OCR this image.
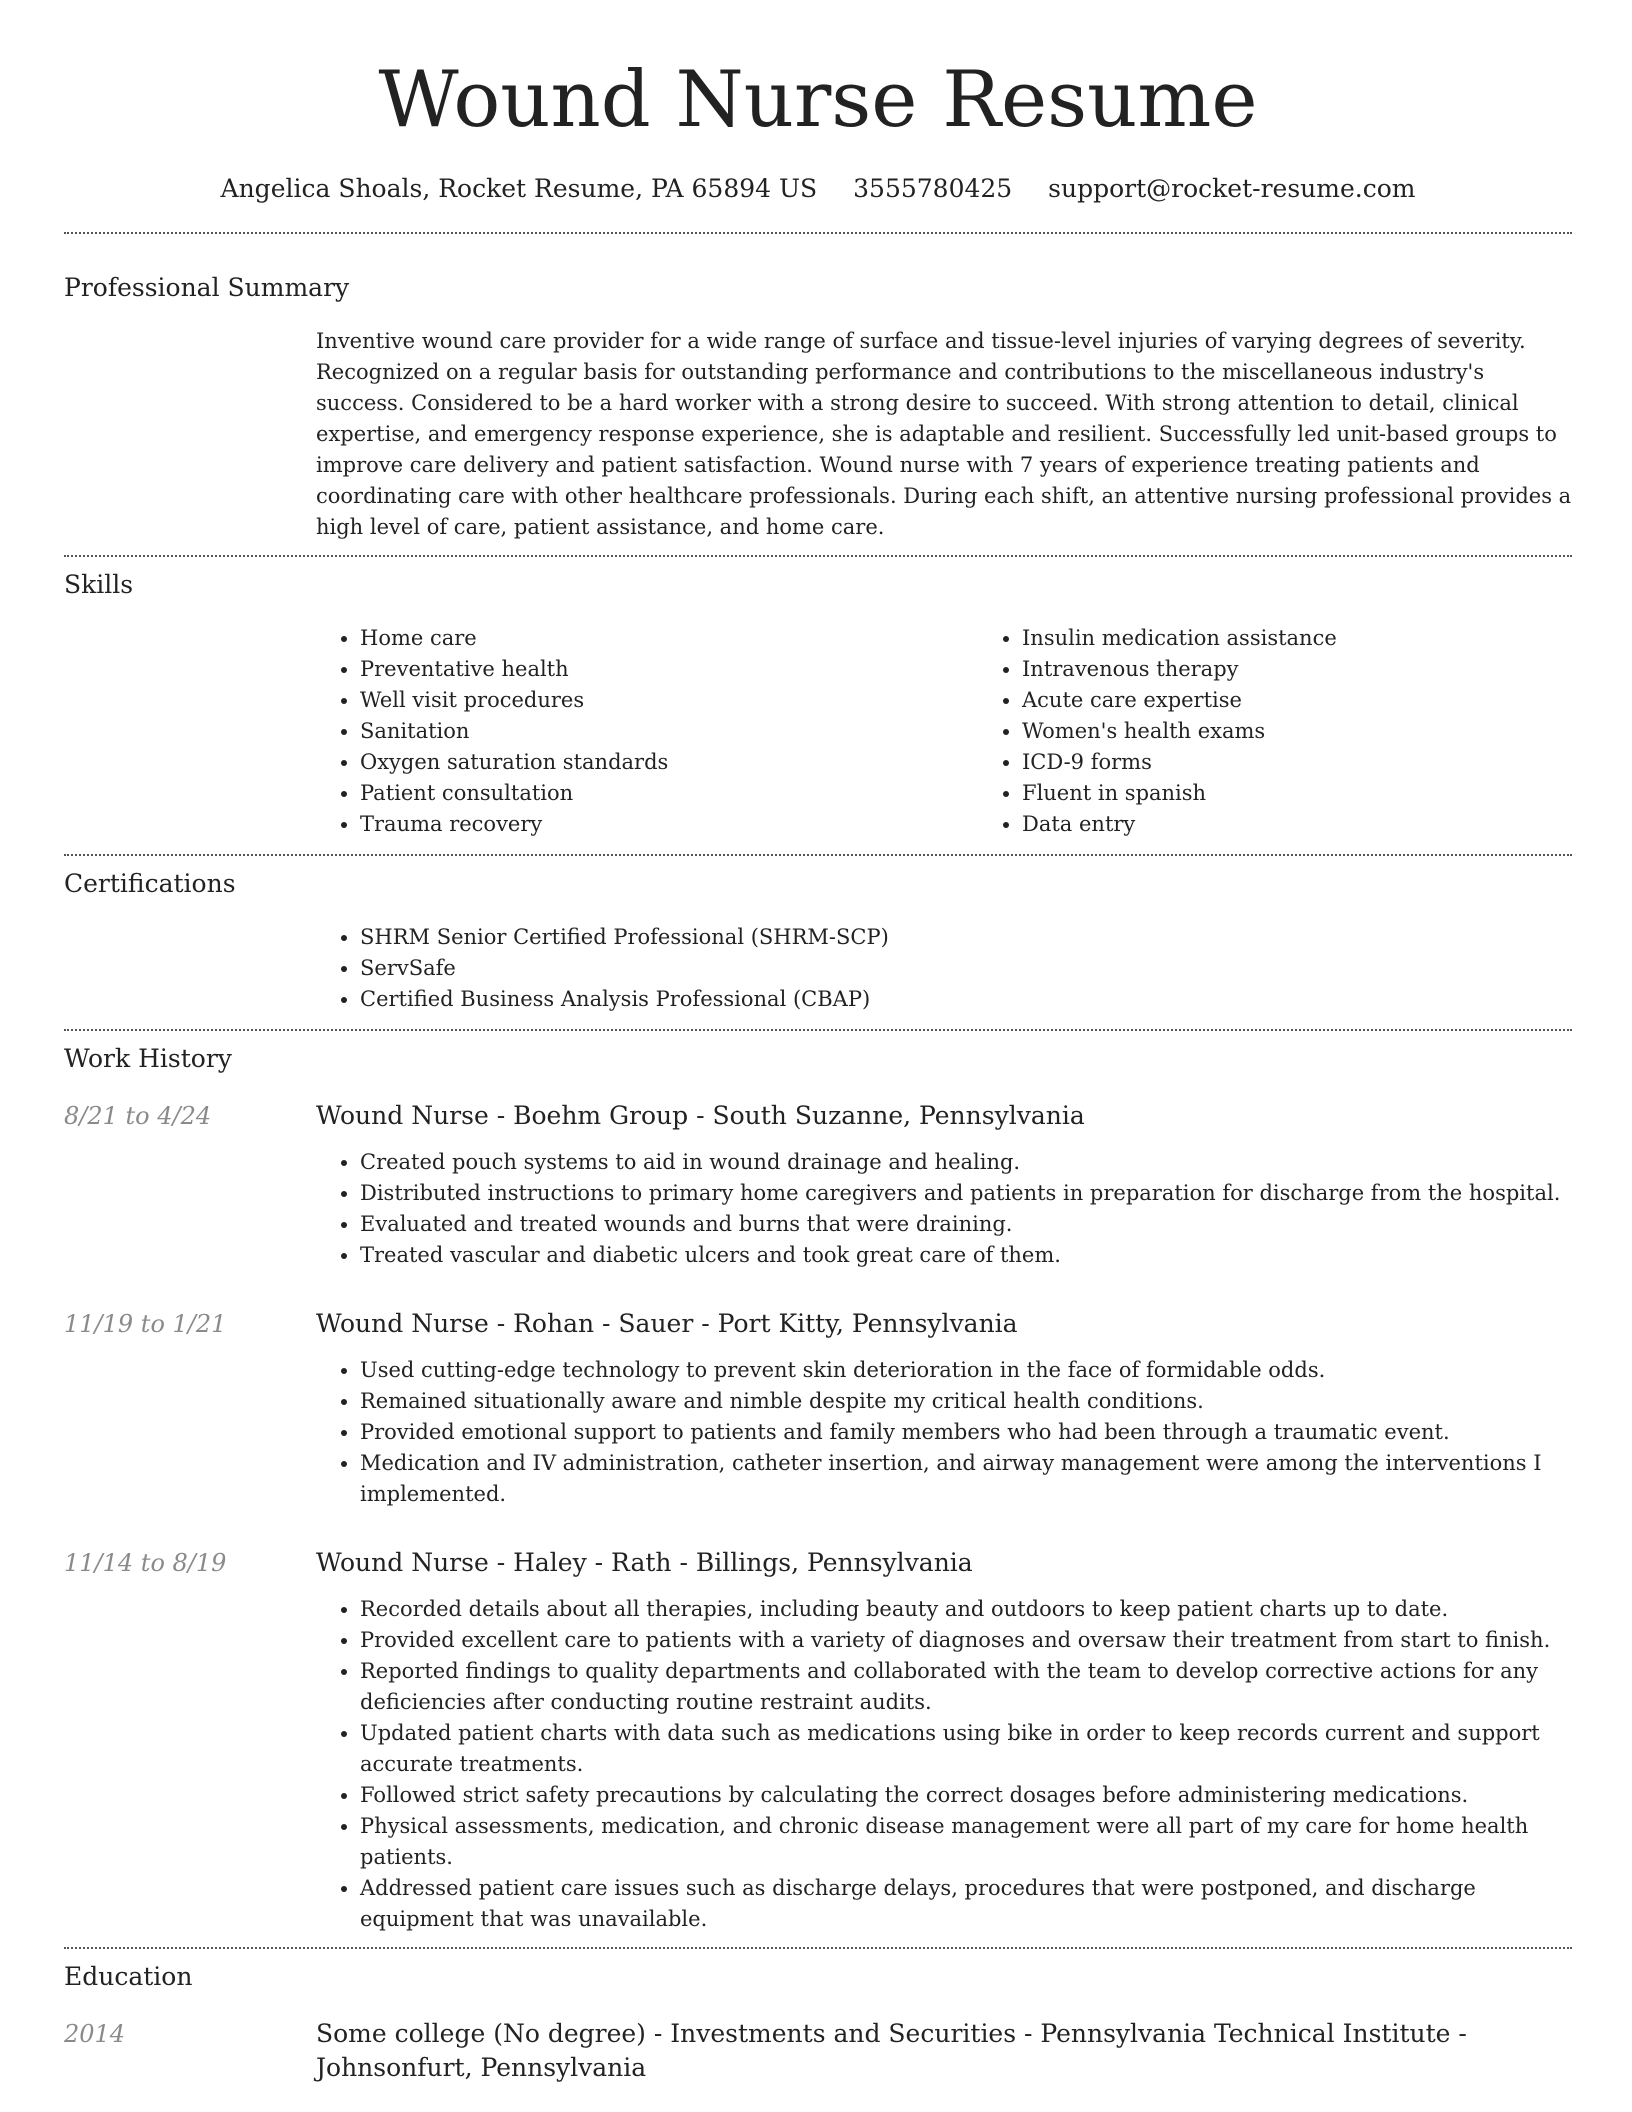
Wound Nurse Resume
Angelica Shoals, Rocket Resume, PA 65894 US 3555780425 support@rocket-resume.com
Professional Summary

Inventive wound care provider for a wide range of surface and tissue-level injuries of varying degrees of severity. Recognized on a regular basis for outstanding performance and contributions to the miscellaneous industry's success. Considered to be a hard worker with a strong desire to succeed. With strong attention to detail, clinical expertise, and emergency response experience, she is adaptable and resilient. Successfully led unit-based groups to improve care delivery and patient satisfaction. Wound nurse with 7 years of experience treating patients and coordinating care with other healthcare professionals. During each shift, an attentive nursing professional provides a high level of care, patient assistance, and home care.

Skills
• Home care
• Preventative health
• Well visit procedures
• Sanitation
• Oxygen saturation standards
• Patient consultation
• Trauma recovery
• Insulin medication assistance
• Intravenous therapy
• Acute care expertise
• Women's health exams
• ICD-9 forms
• Fluent in spanish
• Data entry
Certifications
• SHRM Senior Certified Professional (SHRM-SCP)
• ServSafe
• Certified Business Analysis Professional (CBAP)
Work History
8/21 to 4/24	Wound Nurse - Boehm Group - South Suzanne, Pennsylvania
• Created pouch systems to aid in wound drainage and healing.
• Distributed instructions to primary home caregivers and patients in preparation for discharge from the hospital.
• Evaluated and treated wounds and burns that were draining.
• Treated vascular and diabetic ulcers and took great care of them.
11/19 to 1/21	Wound Nurse - Rohan - Sauer - Port Kitty, Pennsylvania
• Used cutting-edge technology to prevent skin deterioration in the face of formidable odds.
• Remained situationally aware and nimble despite my critical health conditions.
• Provided emotional support to patients and family members who had been through a traumatic event.
• Medication and IV administration, catheter insertion, and airway management were among the interventions I implemented.
11/14 to 8/19	Wound Nurse - Haley - Rath - Billings, Pennsylvania
• Recorded details about all therapies, including beauty and outdoors to keep patient charts up to date.
• Provided excellent care to patients with a variety of diagnoses and oversaw their treatment from start to finish.
• Reported findings to quality departments and collaborated with the team to develop corrective actions for any deficiencies after conducting routine restraint audits.
• Updated patient charts with data such as medications using bike in order to keep records current and support accurate treatments.
• Followed strict safety precautions by calculating the correct dosages before administering medications.
• Physical assessments, medication, and chronic disease management were all part of my care for home health patients.
• Addressed patient care issues such as discharge delays, procedures that were postponed, and discharge equipment that was unavailable.
Education
2014	Some college (No degree) - Investments and Securities - Pennsylvania Technical Institute - Johnsonfurt, Pennsylvania
